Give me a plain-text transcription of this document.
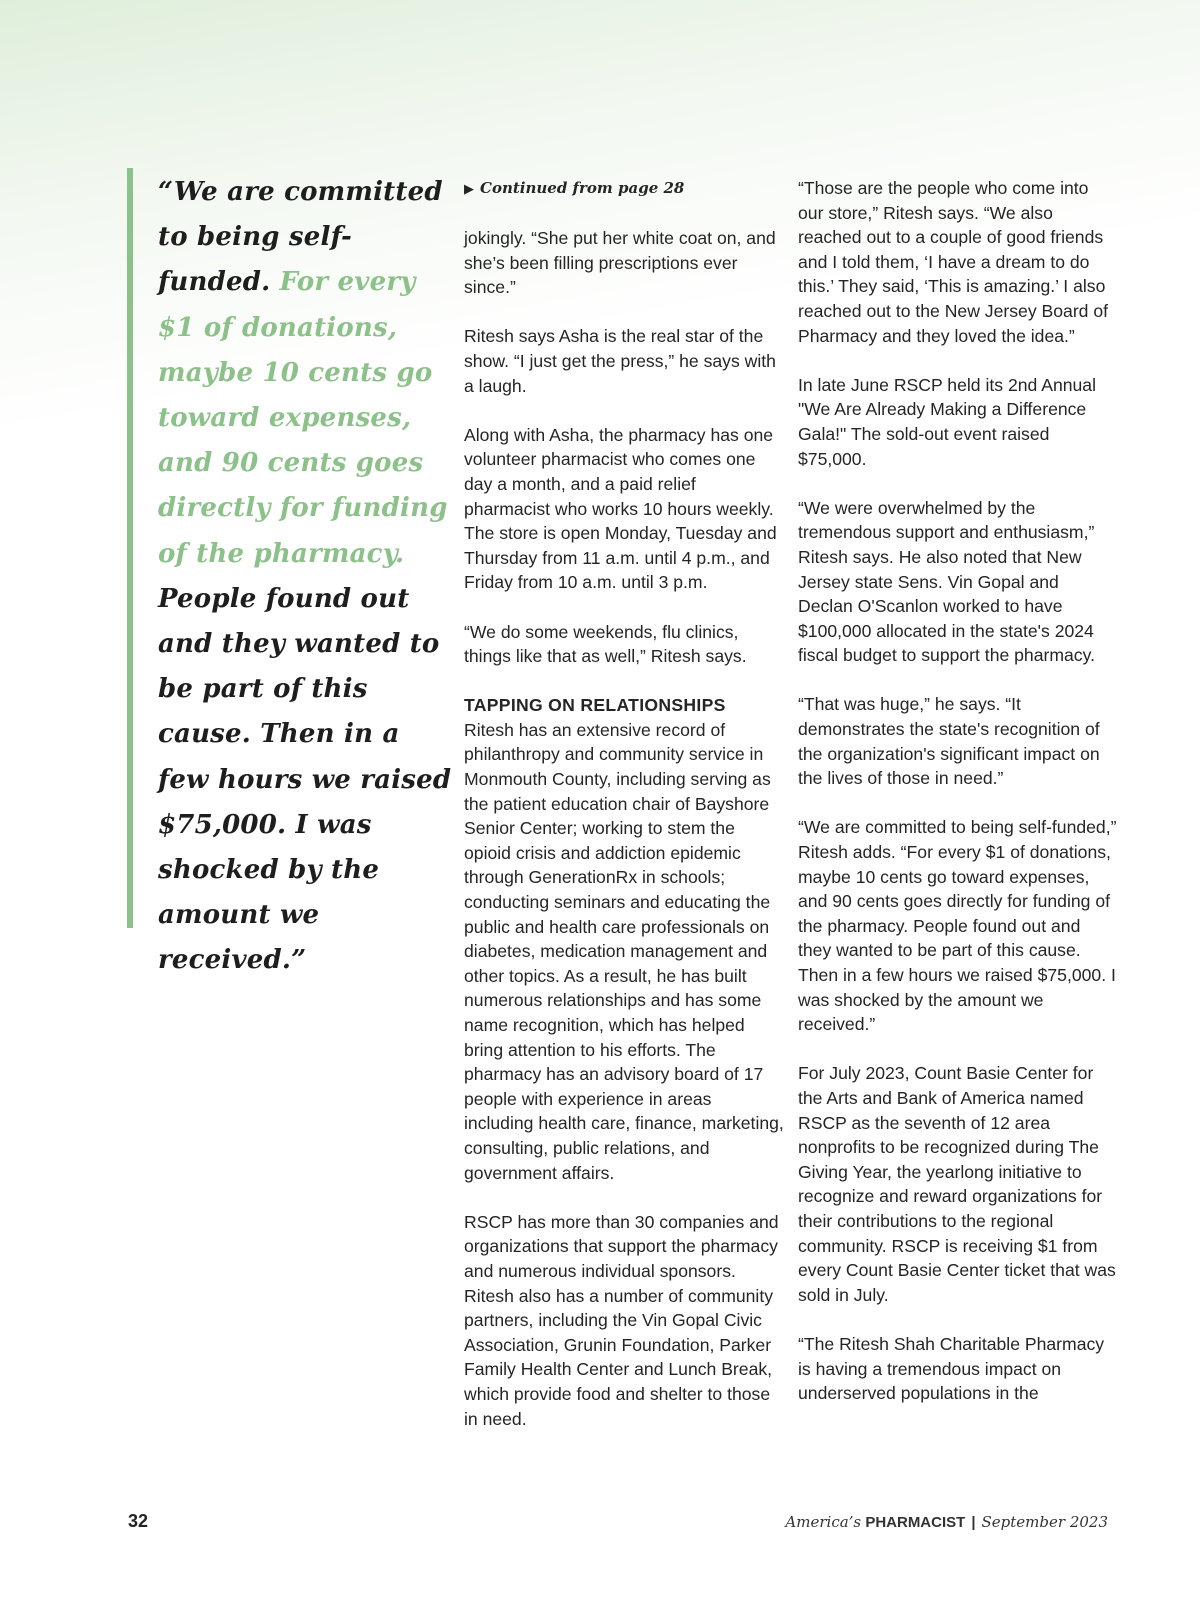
“We are committed to being self-funded. For every $1 of donations, maybe 10 cents go toward expenses, and 90 cents goes directly for funding of the pharmacy. People found out and they wanted to be part of this cause. Then in a few hours we raised $75,000. I was shocked by the amount we received.”

▶ Continued from page 28

jokingly. “She put her white coat on, and she’s been filling prescriptions ever since.”

Ritesh says Asha is the real star of the show. “I just get the press,” he says with a laugh.

Along with Asha, the pharmacy has one volunteer pharmacist who comes one day a month, and a paid relief pharmacist who works 10 hours weekly. The store is open Monday, Tuesday and Thursday from 11 a.m. until 4 p.m., and Friday from 10 a.m. until 3 p.m.

“We do some weekends, flu clinics, things like that as well,” Ritesh says.

TAPPING ON RELATIONSHIPS

Ritesh has an extensive record of philanthropy and community service in Monmouth County, including serving as the patient education chair of Bayshore Senior Center; working to stem the opioid crisis and addiction epidemic through GenerationRx in schools; conducting seminars and educating the public and health care professionals on diabetes, medication management and other topics. As a result, he has built numerous relationships and has some name recognition, which has helped bring attention to his efforts. The pharmacy has an advisory board of 17 people with experience in areas including health care, finance, marketing, consulting, public relations, and government affairs.

RSCP has more than 30 companies and organizations that support the pharmacy and numerous individual sponsors. Ritesh also has a number of community partners, including the Vin Gopal Civic Association, Grunin Foundation, Parker Family Health Center and Lunch Break, which provide food and shelter to those in need.

“Those are the people who come into our store,” Ritesh says. “We also reached out to a couple of good friends and I told them, ‘I have a dream to do this.’ They said, ‘This is amazing.’ I also reached out to the New Jersey Board of Pharmacy and they loved the idea.”

In late June RSCP held its 2nd Annual "We Are Already Making a Difference Gala!" The sold-out event raised $75,000.

“We were overwhelmed by the tremendous support and enthusiasm,” Ritesh says. He also noted that New Jersey state Sens. Vin Gopal and Declan O'Scanlon worked to have $100,000 allocated in the state's 2024 fiscal budget to support the pharmacy.

“That was huge,” he says. “It demonstrates the state's recognition of the organization's significant impact on the lives of those in need.”

“We are committed to being self-funded,” Ritesh adds. “For every $1 of donations, maybe 10 cents go toward expenses, and 90 cents goes directly for funding of the pharmacy. People found out and they wanted to be part of this cause. Then in a few hours we raised $75,000. I was shocked by the amount we received.”

For July 2023, Count Basie Center for the Arts and Bank of America named RSCP as the seventh of 12 area nonprofits to be recognized during The Giving Year, the yearlong initiative to recognize and reward organizations for their contributions to the regional community. RSCP is receiving $1 from every Count Basie Center ticket that was sold in July.

“The Ritesh Shah Charitable Pharmacy is having a tremendous impact on underserved populations in the

32	America’s PHARMACIST | September 2023
